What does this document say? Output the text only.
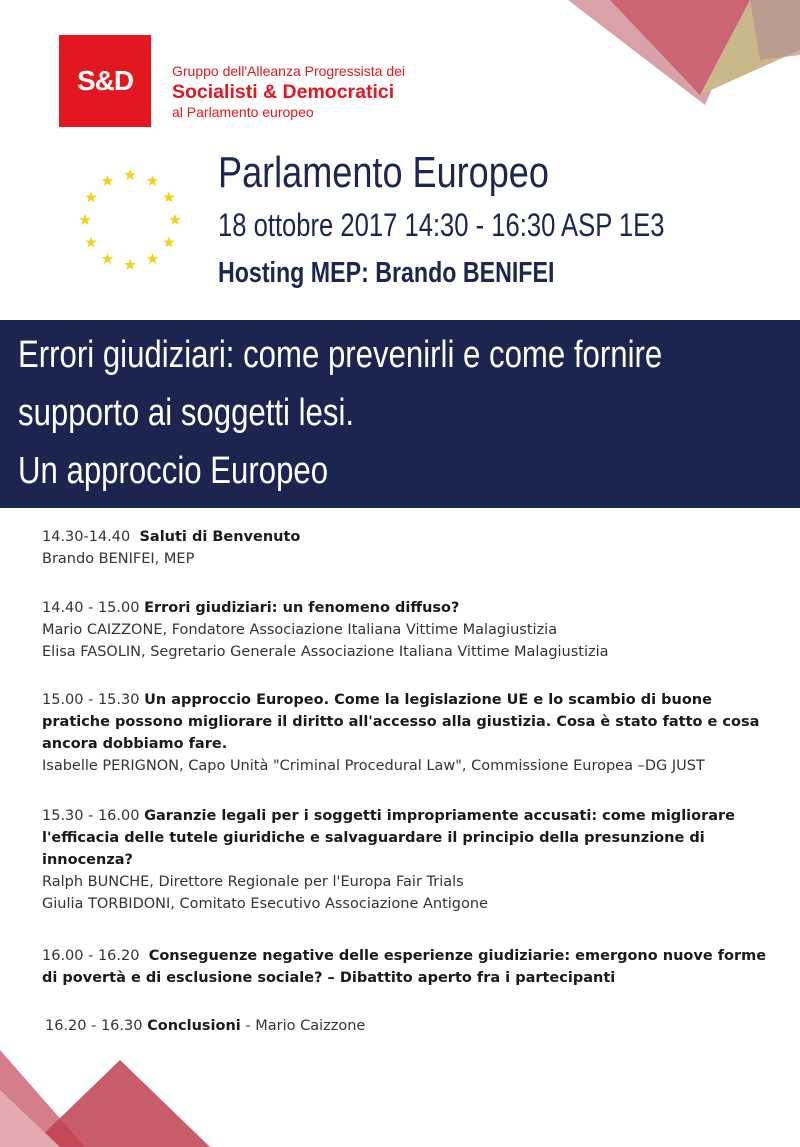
S&D	Gruppo dell'Alleanza Progressista dei
Socialisti & Democratici
al Parlamento europeo
Parlamento Europeo
18 ottobre 2017 14:30 - 16:30 ASP 1E3
Hosting MEP: Brando BENIFEI
Errori giudiziari: come prevenirli e come fornire
supporto ai soggetti lesi.
Un approccio Europeo
14.30-14.40 Saluti di Benvenuto
Brando BENIFEI, MEP
14.40 - 15.00 Errori giudiziari: un fenomeno diffuso?
Mario CAIZZONE, Fondatore Associazione Italiana Vittime Malagiustizia
Elisa FASOLIN, Segretario Generale Associazione Italiana Vittime Malagiustizia
15.00 - 15.30 Un approccio Europeo. Come la legislazione UE e lo scambio di buone
pratiche possono migliorare il diritto all'accesso alla giustizia. Cosa è stato fatto e cosa
ancora dobbiamo fare.
Isabelle PERIGNON, Capo Unità "Criminal Procedural Law", Commissione Europea –DG JUST
15.30 - 16.00 Garanzie legali per i soggetti impropriamente accusati: come migliorare
l'efficacia delle tutele giuridiche e salvaguardare il principio della presunzione di
innocenza?
Ralph BUNCHE, Direttore Regionale per l'Europa Fair Trials
Giulia TORBIDONI, Comitato Esecutivo Associazione Antigone
16.00 - 16.20 Conseguenze negative delle esperienze giudiziarie: emergono nuove forme
di povertà e di esclusione sociale? – Dibattito aperto fra i partecipanti
16.20 - 16.30 Conclusioni - Mario Caizzone
